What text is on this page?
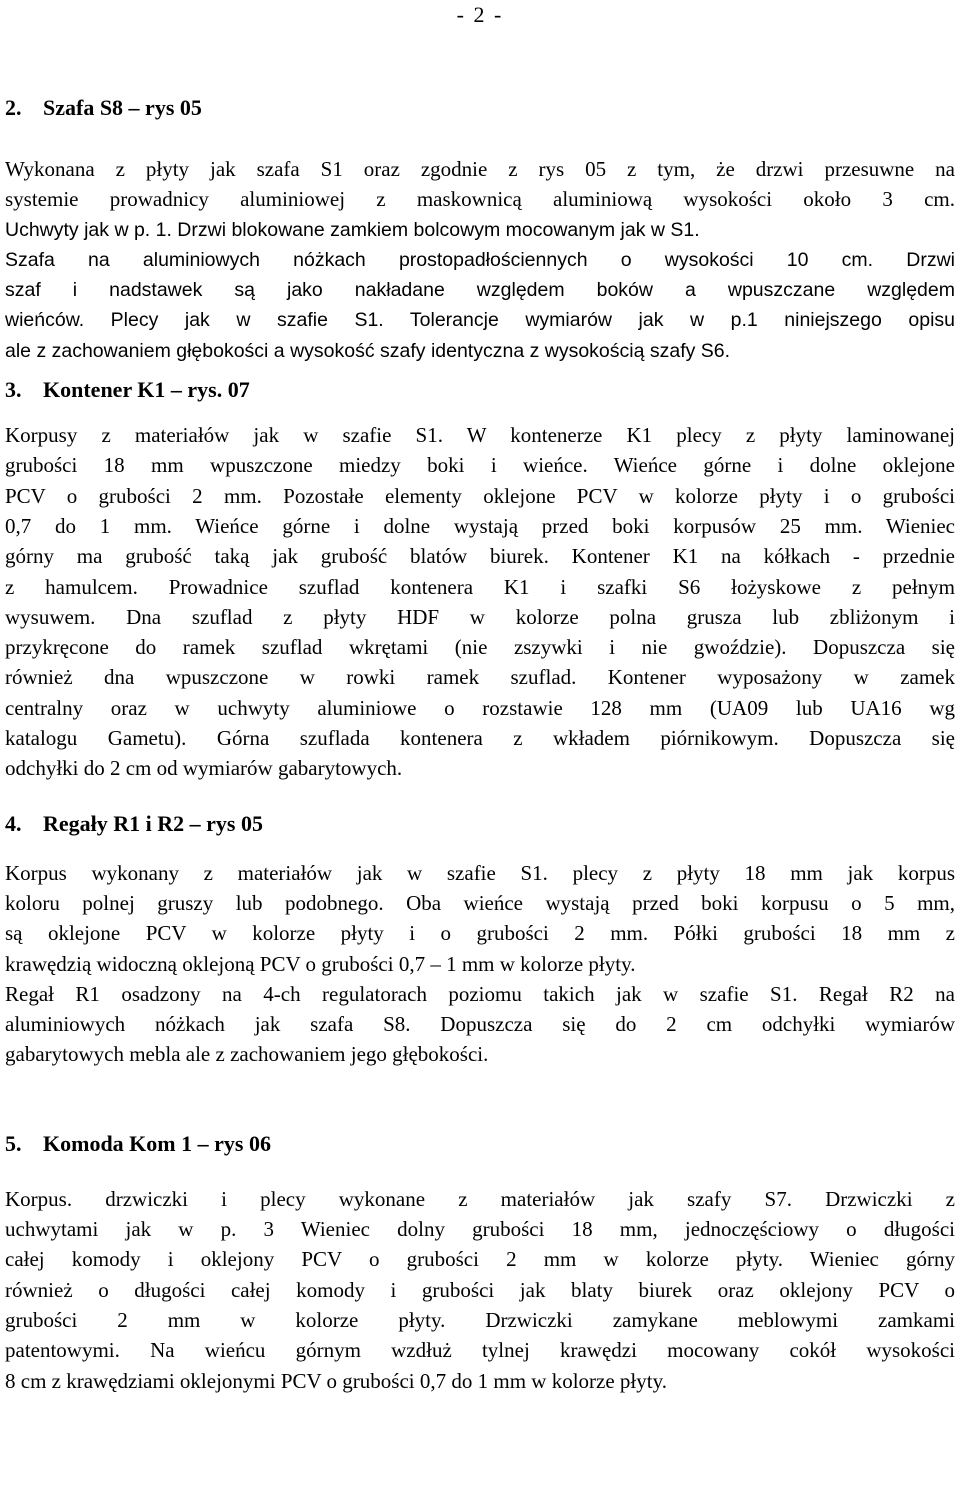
- 2 -
2. Szafa S8 – rys 05
Wykonana z płyty jak szafa S1 oraz zgodnie z rys 05 z tym, że drzwi przesuwne na
systemie prowadnicy aluminiowej z maskownicą aluminiową wysokości około 3 cm.
Uchwyty jak w p. 1. Drzwi blokowane zamkiem bolcowym mocowanym jak w S1.
Szafa na aluminiowych nóżkach prostopadłościennych o wysokości 10 cm. Drzwi
szaf i nadstawek są jako nakładane względem boków a wpuszczane względem
wieńców. Plecy jak w szafie S1. Tolerancje wymiarów jak w p.1 niniejszego opisu
ale z zachowaniem głębokości a wysokość szafy identyczna z wysokością szafy S6.
3. Kontener K1 – rys. 07
Korpusy z materiałów jak w szafie S1. W kontenerze K1 plecy z płyty laminowanej
grubości 18 mm wpuszczone miedzy boki i wieńce. Wieńce górne i dolne oklejone
PCV o grubości 2 mm. Pozostałe elementy oklejone PCV w kolorze płyty i o grubości
0,7 do 1 mm. Wieńce górne i dolne wystają przed boki korpusów 25 mm. Wieniec
górny ma grubość taką jak grubość blatów biurek. Kontener K1 na kółkach - przednie
z hamulcem. Prowadnice szuflad kontenera K1 i szafki S6 łożyskowe z pełnym
wysuwem. Dna szuflad z płyty HDF w kolorze polna grusza lub zbliżonym i
przykręcone do ramek szuflad wkrętami (nie zszywki i nie gwoździe). Dopuszcza się
również dna wpuszczone w rowki ramek szuflad. Kontener wyposażony w zamek
centralny oraz w uchwyty aluminiowe o rozstawie 128 mm (UA09 lub UA16 wg
katalogu Gametu). Górna szuflada kontenera z wkładem piórnikowym. Dopuszcza się
odchyłki do 2 cm od wymiarów gabarytowych.
4. Regały R1 i R2 – rys 05
Korpus wykonany z materiałów jak w szafie S1. plecy z płyty 18 mm jak korpus
koloru polnej gruszy lub podobnego. Oba wieńce wystają przed boki korpusu o 5 mm,
są oklejone PCV w kolorze płyty i o grubości 2 mm. Półki grubości 18 mm z
krawędzią widoczną oklejoną PCV o grubości 0,7 – 1 mm w kolorze płyty.
Regał R1 osadzony na 4-ch regulatorach poziomu takich jak w szafie S1. Regał R2 na
aluminiowych nóżkach jak szafa S8. Dopuszcza się do 2 cm odchyłki wymiarów
gabarytowych mebla ale z zachowaniem jego głębokości.
5. Komoda Kom 1 – rys 06
Korpus. drzwiczki i plecy wykonane z materiałów jak szafy S7. Drzwiczki z
uchwytami jak w p. 3 Wieniec dolny grubości 18 mm, jednoczęściowy o długości
całej komody i oklejony PCV o grubości 2 mm w kolorze płyty. Wieniec górny
również o długości całej komody i grubości jak blaty biurek oraz oklejony PCV o
grubości 2 mm w kolorze płyty. Drzwiczki zamykane meblowymi zamkami
patentowymi. Na wieńcu górnym wzdłuż tylnej krawędzi mocowany cokół wysokości
8 cm z krawędziami oklejonymi PCV o grubości 0,7 do 1 mm w kolorze płyty.
